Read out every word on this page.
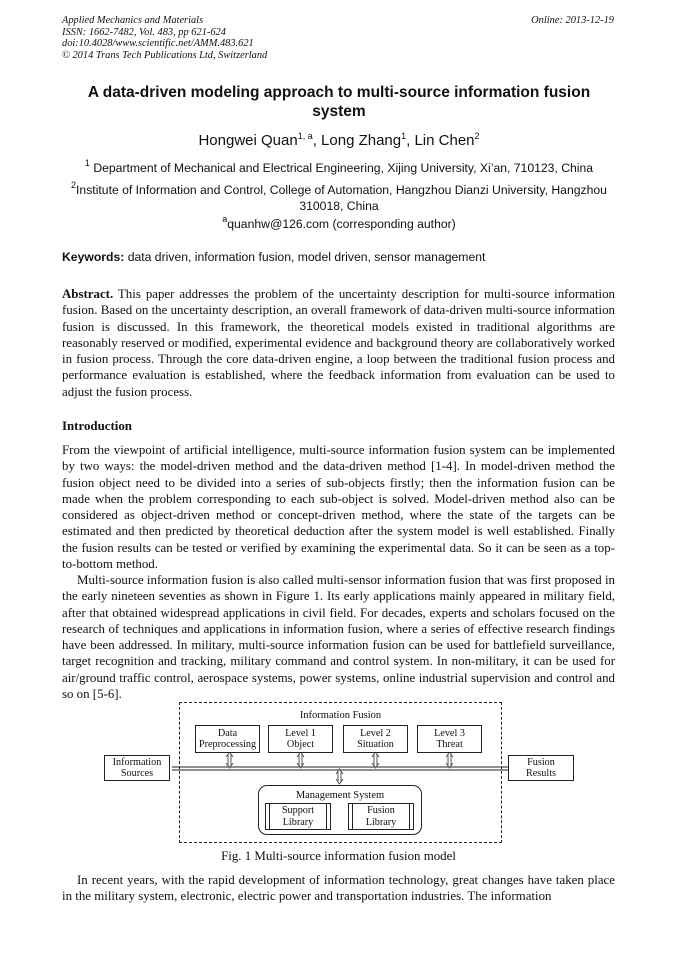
Applied Mechanics and Materials
ISSN: 1662-7482, Vol. 483, pp 621-624
doi:10.4028/www.scientific.net/AMM.483.621
© 2014 Trans Tech Publications Ltd, Switzerland
Online: 2013-12-19
A data-driven modeling approach to multi-source information fusion system
Hongwei Quan$^{1, a}$, Long Zhang$^1$, Lin Chen$^2$
$^1$ Department of Mechanical and Electrical Engineering, Xijing University, Xi’an, 710123, China
$^2$Institute of Information and Control, College of Automation, Hangzhou Dianzi University, Hangzhou 310018, China
$^a$quanhw@126.com (corresponding author)
Keywords: data driven, information fusion, model driven, sensor management
Abstract. This paper addresses the problem of the uncertainty description for multi-source information fusion. Based on the uncertainty description, an overall framework of data-driven multi-source information fusion is discussed. In this framework, the theoretical models existed in traditional algorithms are reasonably reserved or modified, experimental evidence and background theory are collaboratively worked in fusion process. Through the core data-driven engine, a loop between the traditional fusion process and performance evaluation is established, where the feedback information from evaluation can be used to adjust the fusion process.
Introduction
From the viewpoint of artificial intelligence, multi-source information fusion system can be implemented by two ways: the model-driven method and the data-driven method [1-4]. In model-driven method the fusion object need to be divided into a series of sub-objects firstly; then the information fusion can be made when the problem corresponding to each sub-object is solved. Model-driven method also can be considered as object-driven method or concept-driven method, where the state of the targets can be estimated and then predicted by theoretical deduction after the system model is well established. Finally the fusion results can be tested or verified by examining the experimental data. So it can be seen as a top-to-bottom method.
Multi-source information fusion is also called multi-sensor information fusion that was first proposed in the early nineteen seventies as shown in Figure 1. Its early applications mainly appeared in military field, after that obtained widespread applications in civil field. For decades, experts and scholars focused on the research of techniques and applications in information fusion, where a series of effective research findings have been addressed. In military, multi-source information fusion can be used for battlefield surveillance, target recognition and tracking, military command and control system. In non-military, it can be used for air/ground traffic control, aerospace systems, power systems, online industrial supervision and control and so on [5-6].
Information Fusion
Data
Preprocessing
Level 1
Object
Level 2
Situation
Level 3
Threat
Information
Sources
Fusion
Results
Management System
Support
Library
Fusion
Library
Fig. 1 Multi-source information fusion model
In recent years, with the rapid development of information technology, great changes have taken place in the military system, electronic, electric power and transportation industries. The information
